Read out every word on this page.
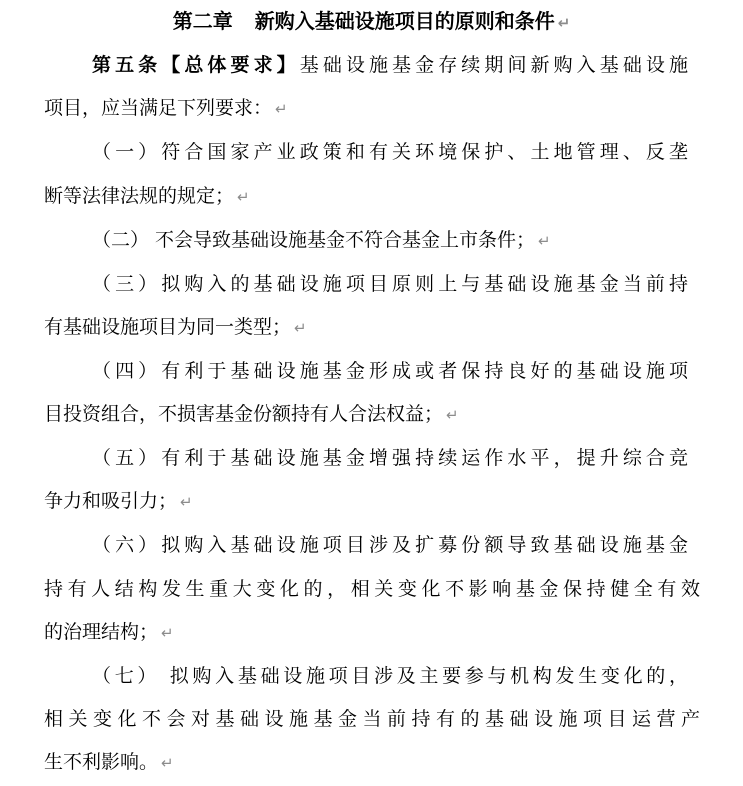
第二章 新购入基础设施项目的原则和条件 ↵
第五条【总体要求】基础设施基金存续期间新购入基础设施
项目，应当满足下列要求： ↵
（一）符合国家产业政策和有关环境保护、土地管理、反垄
断等法律法规的规定； ↵
（二） 不会导致基础设施基金不符合基金上市条件； ↵
（三）拟购入的基础设施项目原则上与基础设施基金当前持
有基础设施项目为同一类型； ↵
（四）有利于基础设施基金形成或者保持良好的基础设施项
目投资组合，不损害基金份额持有人合法权益； ↵
（五）有利于基础设施基金增强持续运作水平，提升综合竞
争力和吸引力； ↵
（六）拟购入基础设施项目涉及扩募份额导致基础设施基金
持有人结构发生重大变化的，相关变化不影响基金保持健全有效
的治理结构； ↵
（七） 拟购入基础设施项目涉及主要参与机构发生变化的，
相关变化不会对基础设施基金当前持有的基础设施项目运营产
生不利影响。 ↵
